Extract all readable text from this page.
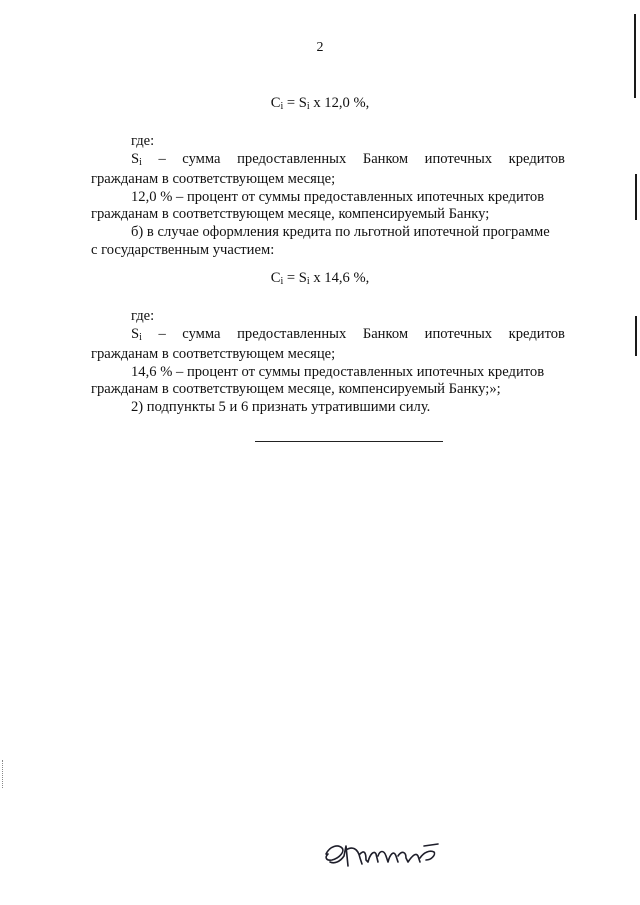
2
$C_i = S_i$ x 12,0 %,
где:
$S_i$ – сумма предоставленных Банком ипотечных кредитов
гражданам в соответствующем месяце;
12,0 % – процент от суммы предоставленных ипотечных кредитов
гражданам в соответствующем месяце, компенсируемый Банку;
б) в случае оформления кредита по льготной ипотечной программе
с государственным участием:
$C_i = S_i$ x 14,6 %,
где:
$S_i$ – сумма предоставленных Банком ипотечных кредитов
гражданам в соответствующем месяце;
14,6 % – процент от суммы предоставленных ипотечных кредитов
гражданам в соответствующем месяце, компенсируемый Банку;»;
2) подпункты 5 и 6 признать утратившими силу.
